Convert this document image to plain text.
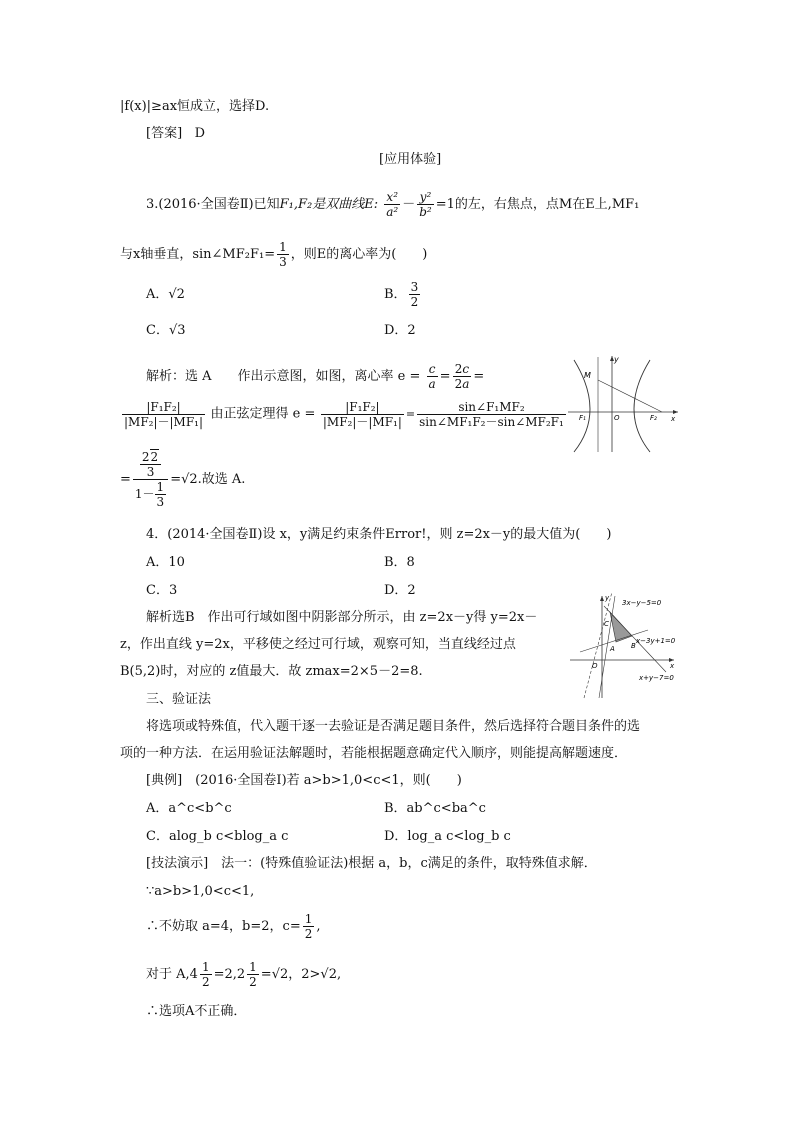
|f(x)|≥ax恒成立，选择D.
[答案] D
[应用体验]
3.(2016·全国卷Ⅱ)已知F₁,F₂是双曲线E: $\frac{\text{x²}}{\text{a²}} - \frac{\text{y²}}{\text{b²}} =1$的左，右焦点，点M在E上,MF₁
与x轴垂直，sin∠MF₂F₁= $\frac{1}{3}$ ，则E的离心率为(　　)
A．√2	B． $\frac{3}{2}$
C．√3	D．2
解析：选 A　　作出示意图，如图，离心率 $e = \frac{c}{a} = \frac{2c}{2a}$ =
$\frac{\text{|F₁F₂|}}{\text{|MF₂|－|MF₁|}}$ 由正弦定理得 $e = \frac{\text{|F₁F₂|}}{\text{|MF₂|－|MF₁|}} = \frac{\text{sin∠F₁MF₂}}{\text{sin∠MF₁F₂－sin∠MF₂F₁}}$
= $\frac{\frac{22}{3}}{1- \frac{1}{3}} =√2$.故选 A.
M
y
O
F₁	F₂ x
4．(2014·全国卷Ⅱ)设 x，y满足约束条件Error!，则 z=2x－y的最大值为(　　)
A．10	B．8
C．3	D．2
解析选B　作出可行域如图中阴影部分所示，由 z=2x－y得 y=2x－
z，作出直线 y=2x，平移使之经过可行域，观察可知，当直线经过点
B(5,2)时，对应的 z值最大．故 zmax=2×5－2=8.
y
3x−y−5=0
x−3y+1=0
x+y−7=0
C
A B
O	x
三、验证法
将选项或特殊值，代入题干逐一去验证是否满足题目条件，然后选择符合题目条件的选
项的一种方法．在运用验证法解题时，若能根据题意确定代入顺序，则能提高解题速度．
[典例]　(2016·全国卷Ⅰ)若 a>b>1,0<c<1，则(　　)
A．a^c<b^c	B．ab^c<ba^c
C．alog_b c<blog_a c	D．log_a c<log_b c
[技法演示]　法一：(特殊值验证法)根据 a，b，c满足的条件，取特殊值求解．
∵a>b>1,0<c<1,
∴不妨取 a=4，b=2，$c= \frac{1}{2}$ ,
对于 $A,4 \frac{1}{2} =2,2 \frac{1}{2} =√2$，2>√2,
∴选项A不正确．
